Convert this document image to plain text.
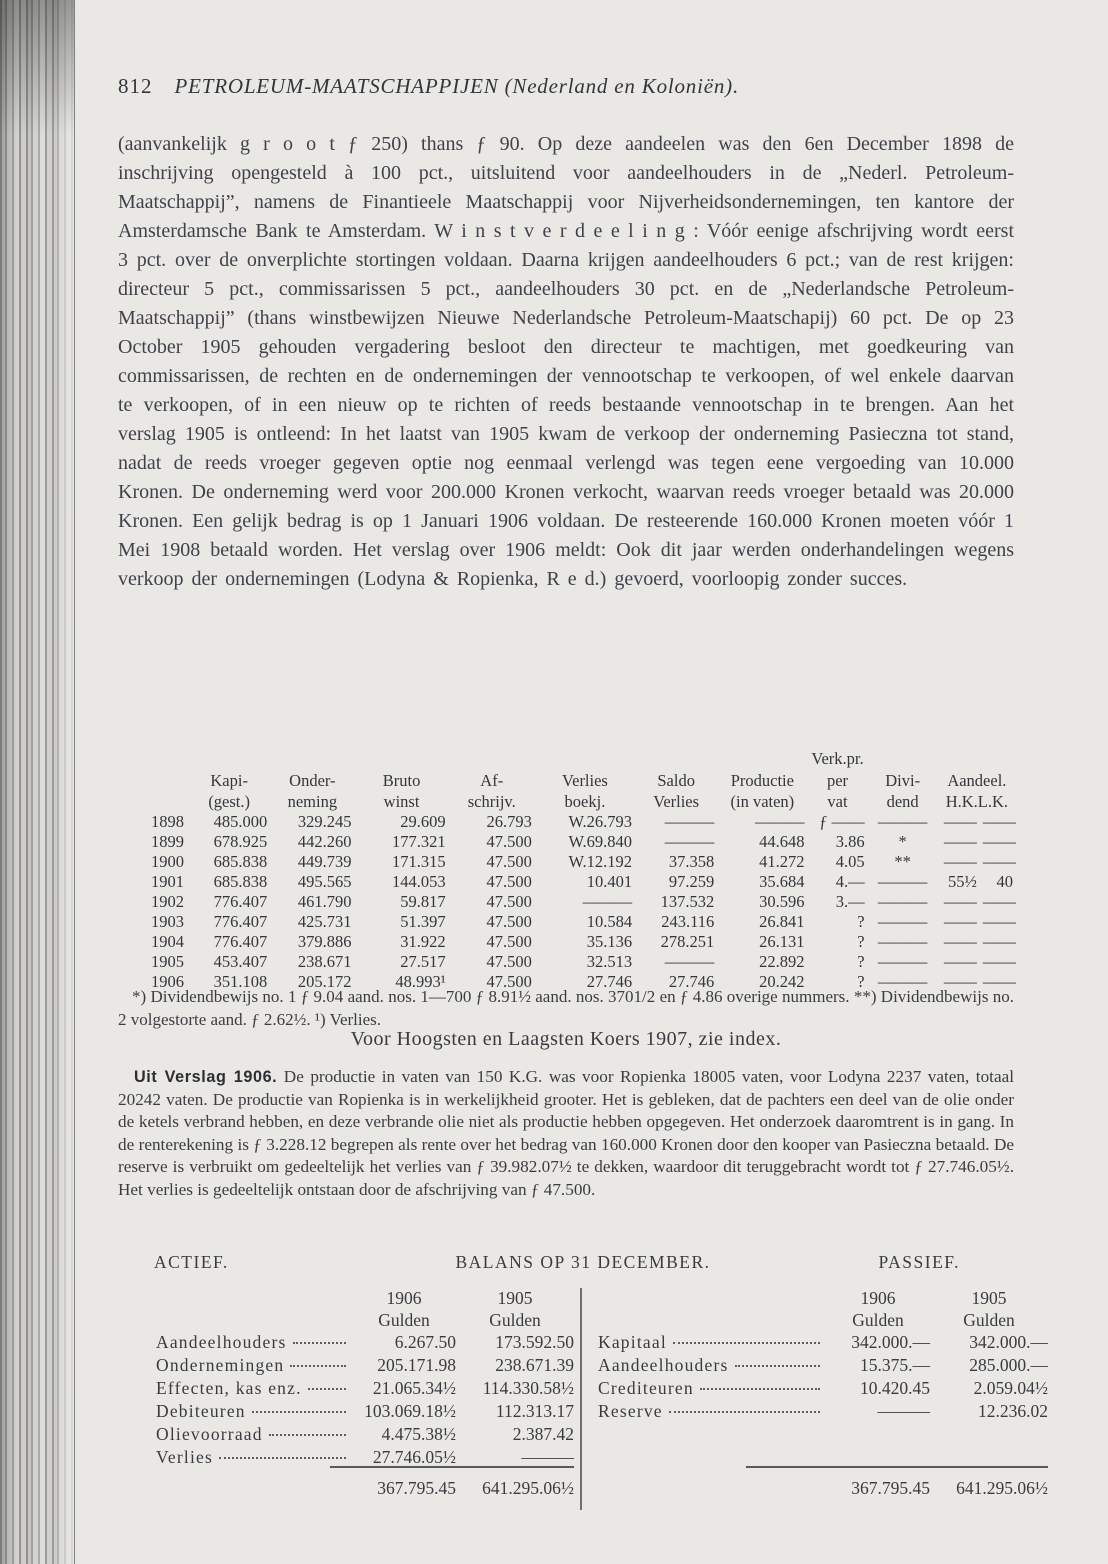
812 PETROLEUM-MAATSCHAPPIJEN (Nederland en Koloniën).

(aanvankelijk g r o o t ƒ 250) thans ƒ 90. Op deze aandeelen was den 6en December 1898 de inschrijving opengesteld à 100 pct., uitsluitend voor aandeelhouders in de „Nederl. Petroleum-Maatschappij”, namens de Finantieele Maatschappij voor Nijverheidsondernemingen, ten kantore der Amsterdamsche Bank te Amsterdam. W i n s t v e r d e e l i n g : Vóór eenige afschrijving wordt eerst 3 pct. over de onverplichte stortingen voldaan. Daarna krijgen aandeelhouders 6 pct.; van de rest krijgen: directeur 5 pct., commissarissen 5 pct., aandeelhouders 30 pct. en de „Nederlandsche Petroleum-Maatschappij” (thans winstbewijzen Nieuwe Nederlandsche Petroleum-Maatschapij) 60 pct. De op 23 October 1905 gehouden vergadering besloot den directeur te machtigen, met goedkeuring van commissarissen, de rechten en de ondernemingen der vennootschap te verkoopen, of wel enkele daarvan te verkoopen, of in een nieuw op te richten of reeds bestaande vennootschap in te brengen. Aan het verslag 1905 is ontleend: In het laatst van 1905 kwam de verkoop der onderneming Pasieczna tot stand, nadat de reeds vroeger gegeven optie nog eenmaal verlengd was tegen eene vergoeding van 10.000 Kronen. De onderneming werd voor 200.000 Kronen verkocht, waarvan reeds vroeger betaald was 20.000 Kronen. Een gelijk bedrag is op 1 Januari 1906 voldaan. De resteerende 160.000 Kronen moeten vóór 1 Mei 1908 betaald worden. Het verslag over 1906 meldt: Ook dit jaar werden onderhandelingen wegens verkoop der ondernemingen (Lodyna & Ropienka, R e d.) gevoerd, voorloopig zonder succes.

								Verk.pr.			
	Kapi-	Onder-	Bruto	Af-	Verlies	Saldo	Productie	per	Divi-	Aandeel.	
	(gest.)	neming	winst	schrijv.	boekj.	Verlies	(in vaten)	vat	dend	H.K.L.K.	
1898	485.000	329.245	29.609	26.793	W.26.793	———	———	ƒ ——	———	——	——
1899	678.925	442.260	177.321	47.500	W.69.840	———	44.648	3.86	*	——	——
1900	685.838	449.739	171.315	47.500	W.12.192	37.358	41.272	4.05	**	——	——
1901	685.838	495.565	144.053	47.500	10.401	97.259	35.684	4.—	———	55½	40
1902	776.407	461.790	59.817	47.500	———	137.532	30.596	3.—	———	——	——
1903	776.407	425.731	51.397	47.500	10.584	243.116	26.841	?	———	——	——
1904	776.407	379.886	31.922	47.500	35.136	278.251	26.131	?	———	——	——
1905	453.407	238.671	27.517	47.500	32.513	———	22.892	?	———	——	——
1906	351.108	205.172	48.993¹	47.500	27.746	27.746	20.242	?	———	——	——

*) Dividendbewijs no. 1 ƒ 9.04 aand. nos. 1—700 ƒ 8.91½ aand. nos. 3701/2 en ƒ 4.86 overige nummers. **) Dividendbewijs no. 2 volgestorte aand. ƒ 2.62½. ¹) Verlies.

Voor Hoogsten en Laagsten Koers 1907, zie index.

Uit Verslag 1906. De productie in vaten van 150 K.G. was voor Ropienka 18005 vaten, voor Lodyna 2237 vaten, totaal 20242 vaten. De productie van Ropienka is in werkelijkheid grooter. Het is gebleken, dat de pachters een deel van de olie onder de ketels verbrand hebben, en deze verbrande olie niet als productie hebben opgegeven. Het onderzoek daaromtrent is in gang. In de renterekening is ƒ 3.228.12 begrepen als rente over het bedrag van 160.000 Kronen door den kooper van Pasieczna betaald. De reserve is verbruikt om gedeeltelijk het verlies van ƒ 39.982.07½ te dekken, waardoor dit teruggebracht wordt tot ƒ 27.746.05½. Het verlies is gedeeltelijk ontstaan door de afschrijving van ƒ 47.500.

ACTIEF.	BALANS OP 31 DECEMBER.	PASSIEF.
1906	1905
Gulden	Gulden
Aandeelhouders	6.267.50	173.592.50
Ondernemingen	205.171.98	238.671.39
Effecten, kas enz.	21.065.34½	114.330.58½
Debiteuren	103.069.18½	112.313.17
Olievoorraad	4.475.38½	2.387.42
Verlies	27.746.05½	———
367.795.45	641.295.06½
1906	1905
Gulden	Gulden
Kapitaal	342.000.—	342.000.—
Aandeelhouders	15.375.—	285.000.—
Crediteuren	10.420.45	2.059.04½
Reserve	———	12.236.02
367.795.45	641.295.06½
